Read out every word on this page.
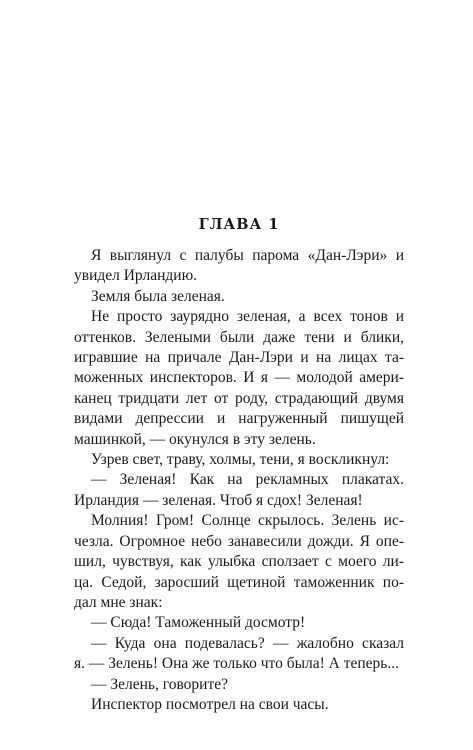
ГЛАВА 1
Я выглянул с палубы парома «Дан-Лэри» и
увидел Ирландию.
Земля была зеленая.
Не просто заурядно зеленая, а всех тонов и
оттенков. Зелеными были даже тени и блики,
игравшие на причале Дан-Лэри и на лицах та-
моженных инспекторов. И я — молодой амери-
канец тридцати лет от роду, страдающий двумя
видами депрессии и нагруженный пишущей
машинкой, — окунулся в эту зелень.
Узрев свет, траву, холмы, тени, я воскликнул:
— Зеленая! Как на рекламных плакатах.
Ирландия — зеленая. Чтоб я сдох! Зеленая!
Молния! Гром! Солнце скрылось. Зелень ис-
чезла. Огромное небо занавесили дожди. Я опе-
шил, чувствуя, как улыбка сползает с моего ли-
ца. Седой, заросший щетиной таможенник по-
дал мне знак:
— Сюда! Таможенный досмотр!
— Куда она подевалась? — жалобно сказал
я. — Зелень! Она же только что была! А теперь...
— Зелень, говорите?
Инспектор посмотрел на свои часы.
